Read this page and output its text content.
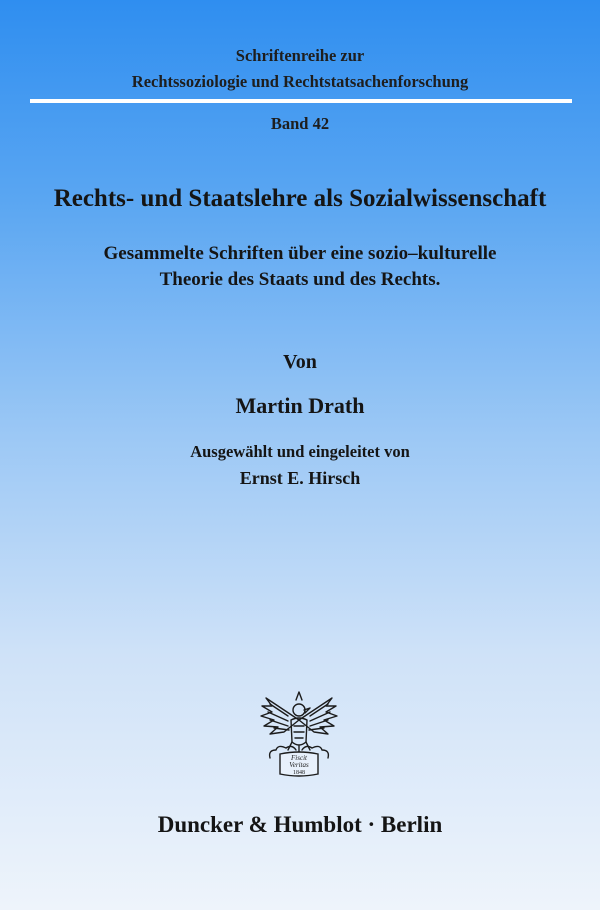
Schriftenreihe zur
Rechtssoziologie und Rechtstatsachenforschung
Band 42
Rechts- und Staatslehre als Sozialwissenschaft
Gesammelte Schriften über eine sozio–kulturelle
Theorie des Staats und des Rechts.
Von
Martin Drath
Ausgewählt und eingeleitet von
Ernst E. Hirsch
Fiscit
Veritas
1848
Duncker & Humblot · Berlin
